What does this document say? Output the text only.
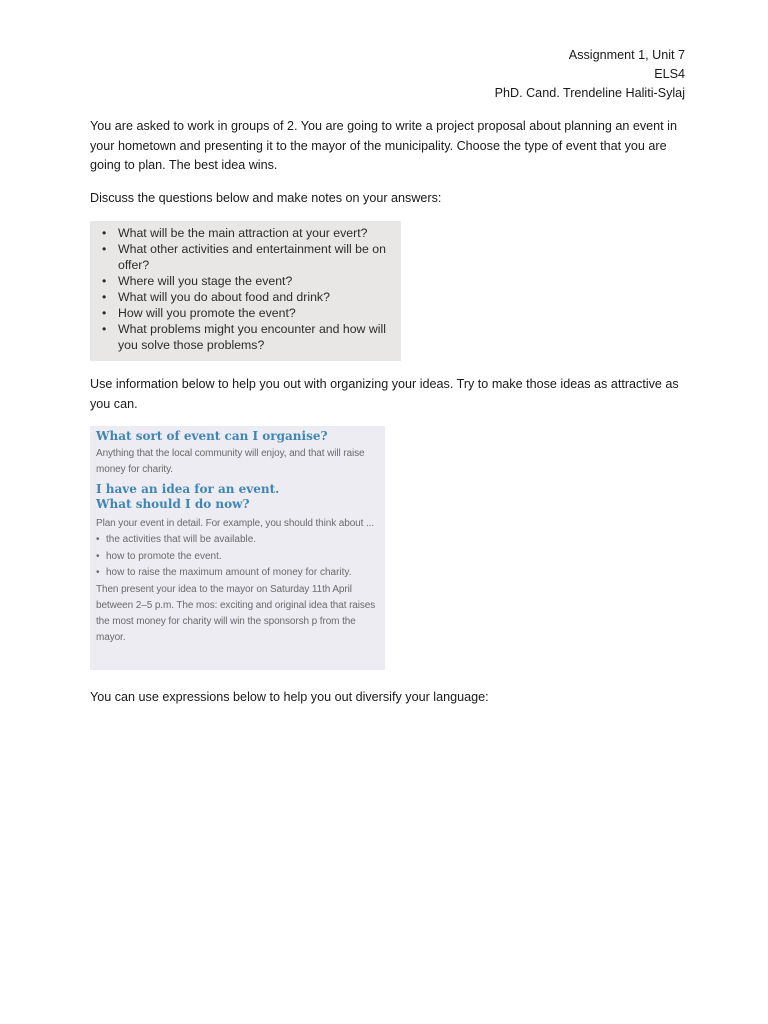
Assignment 1, Unit 7
ELS4
PhD. Cand. Trendeline Haliti-Sylaj

You are asked to work in groups of 2. You are going to write a project proposal about planning an event in your hometown and presenting it to the mayor of the municipality. Choose the type of event that you are going to plan. The best idea wins.

Discuss the questions below and make notes on your answers:

• What will be the main attraction at your evert?
• What other activities and entertainment will be on offer?
• Where will you stage the event?
• What will you do about food and drink?
• How will you promote the event?
• What problems might you encounter and how will you solve those problems?

Use information below to help you out with organizing your ideas. Try to make those ideas as attractive as you can.

What sort of event can I organise?

Anything that the local community will enjoy, and that will raise money for charity.

I have an idea for an event.
What should I do now?

Plan your event in detail. For example, you should think about ...

• the activities that will be available.
• how to promote the event.
• how to raise the maximum amount of money for charity.

Then present your idea to the mayor on Saturday 11th April between 2–5 p.m. The mos: exciting and original idea that raises the most money for charity will win the sponsorsh p from the mayor.

You can use expressions below to help you out diversify your language:
